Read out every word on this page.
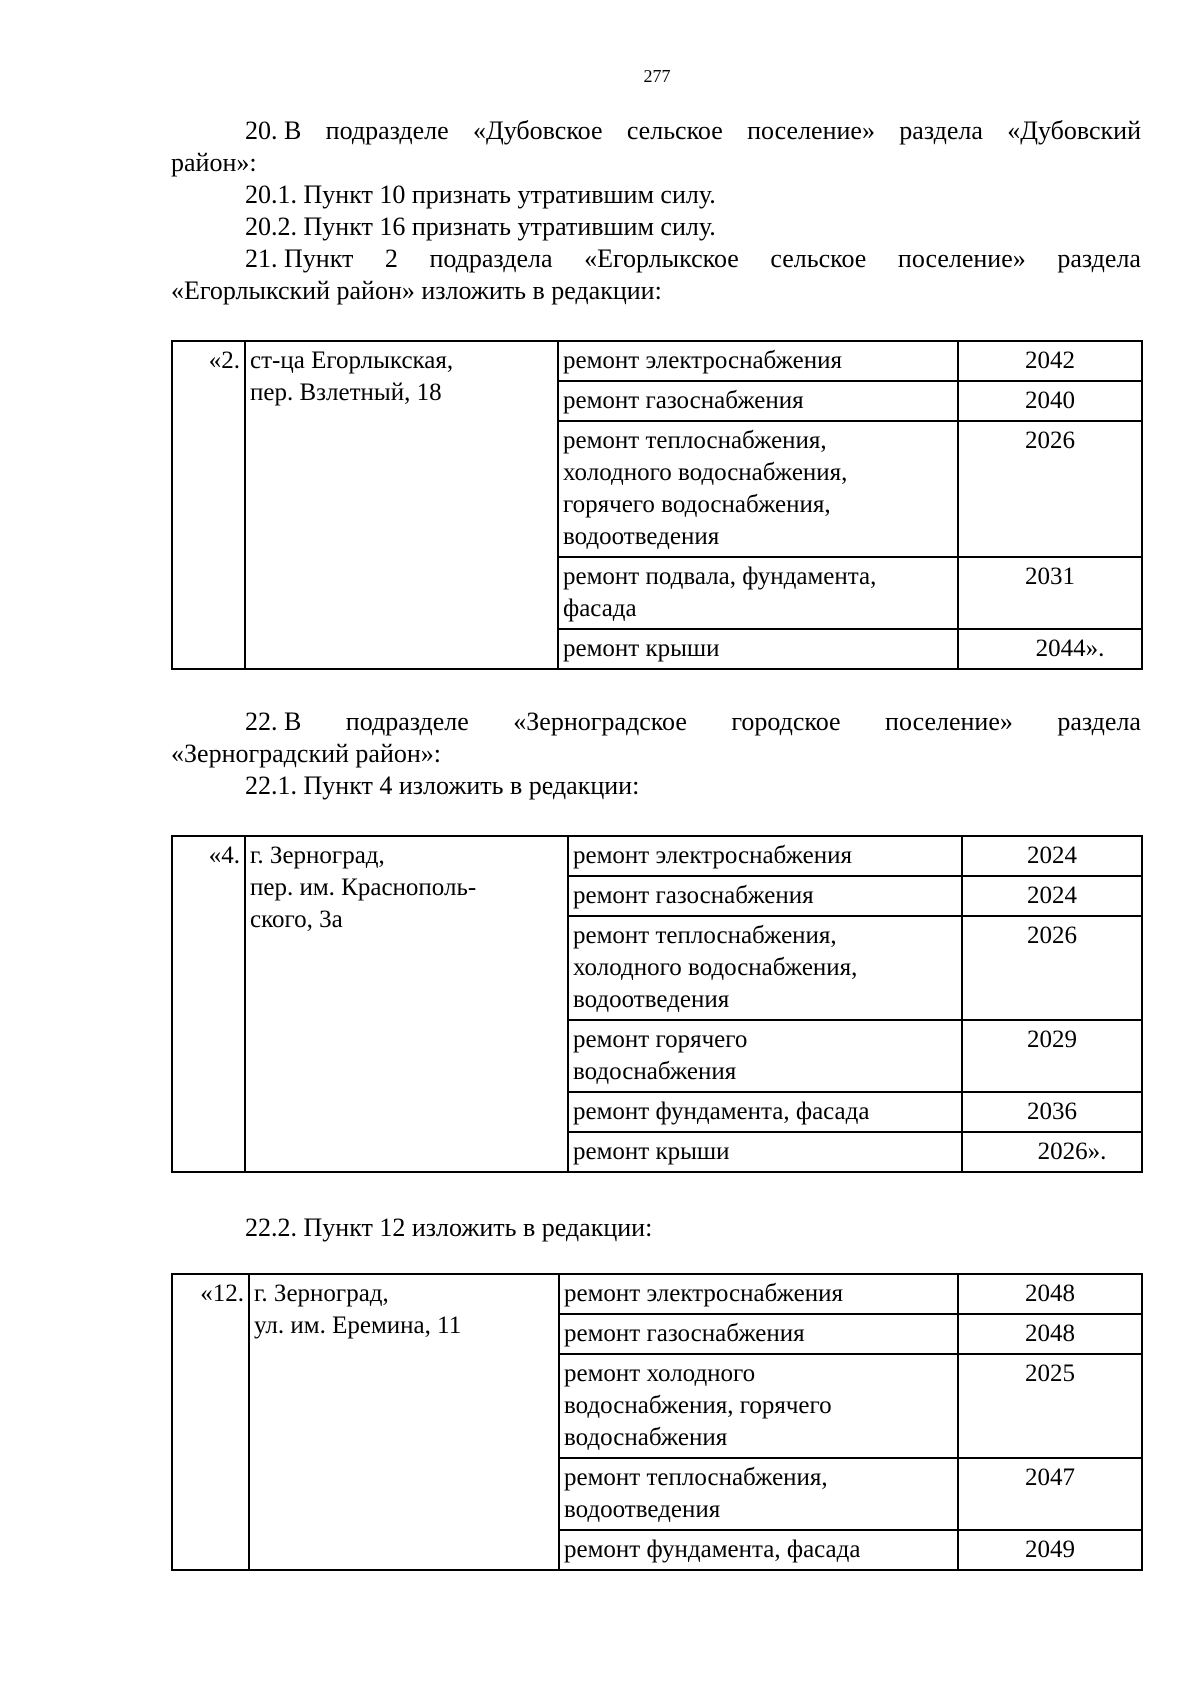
277
20. В подразделе «Дубовское сельское поселение» раздела «Дубовский
район»:
20.1. Пункт 10 признать утратившим силу.
20.2. Пункт 16 признать утратившим силу.
21. Пункт 2 подраздела «Егорлыкское сельское поселение» раздела
«Егорлыкский район» изложить в редакции:
«2.	ст-ца Егорлыкская,
пер. Взлетный, 18	ремонт электроснабжения	2042
		ремонт газоснабжения	2040

		ремонт теплоснабжения,
холодного водоснабжения,
горячего водоснабжения,
водоотведения	2026

		ремонт подвала, фундамента,
фасада	2031
		ремонт крыши	2044».
22. В подразделе «Зерноградское городское поселение» раздела
«Зерноградский район»:
22.1. Пункт 4 изложить в редакции:
«4.	г. Зерноград,
пер. им. Краснополь-
ского, 3а	ремонт электроснабжения	2024
		ремонт газоснабжения	2024

		ремонт теплоснабжения,
холодного водоснабжения,
водоотведения	2026

		ремонт горячего
водоснабжения	2029
		ремонт фундамента, фасада	2036
		ремонт крыши	2026».
22.2. Пункт 12 изложить в редакции:
«12.	г. Зерноград,
ул. им. Еремина, 11	ремонт электроснабжения	2048
		ремонт газоснабжения	2048

		ремонт холодного
водоснабжения, горячего
водоснабжения	2025

		ремонт теплоснабжения,
водоотведения	2047
		ремонт фундамента, фасада	2049
